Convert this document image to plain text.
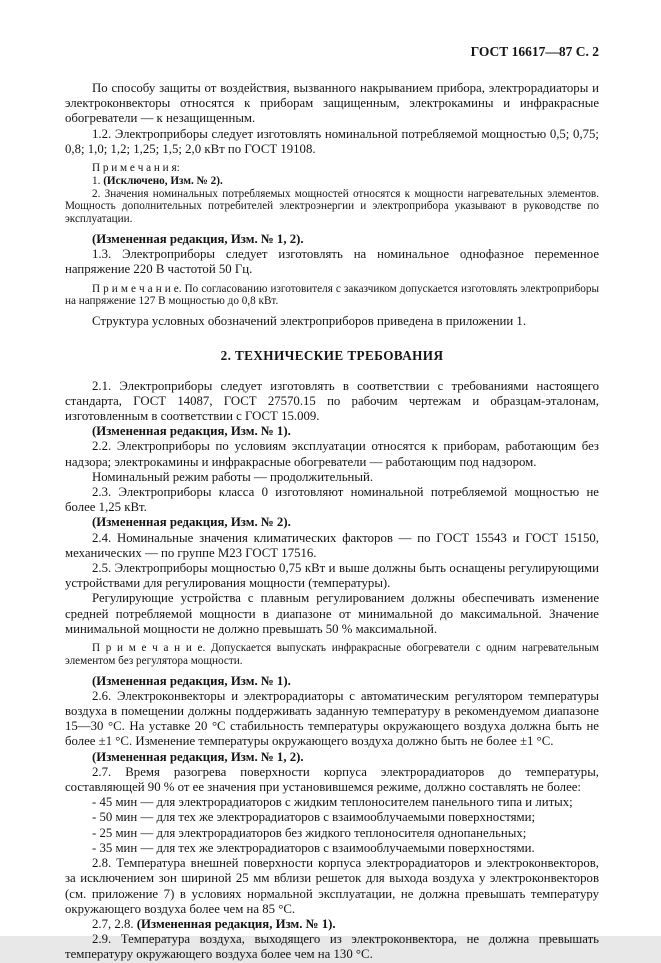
ГОСТ 16617—87 С. 2

По способу защиты от воздействия, вызванного накрыванием прибора, электрорадиаторы и электроконвекторы относятся к приборам защищенным, электрокамины и инфракрасные обогреватели — к незащищенным.

1.2. Электроприборы следует изготовлять номинальной потребляемой мощностью 0,5; 0,75; 0,8; 1,0; 1,2; 1,25; 1,5; 2,0 кВт по ГОСТ 19108.

П р и м е ч а н и я:

1. (Исключено, Изм. № 2).

2. Значения номинальных потребляемых мощностей относятся к мощности нагревательных элементов. Мощность дополнительных потребителей электроэнергии и электроприбора указывают в руководстве по эксплуатации.

(Измененная редакция, Изм. № 1, 2).

1.3. Электроприборы следует изготовлять на номинальное однофазное переменное напряжение 220 В частотой 50 Гц.

П р и м е ч а н и е. По согласованию изготовителя с заказчиком допускается изготовлять электроприборы на напряжение 127 В мощностью до 0,8 кВт.

Структура условных обозначений электроприборов приведена в приложении 1.

2. ТЕХНИЧЕСКИЕ ТРЕБОВАНИЯ

2.1. Электроприборы следует изготовлять в соответствии с требованиями настоящего стандарта, ГОСТ 14087, ГОСТ 27570.15 по рабочим чертежам и образцам-эталонам, изготовленным в соответствии с ГОСТ 15.009.

(Измененная редакция, Изм. № 1).

2.2. Электроприборы по условиям эксплуатации относятся к приборам, работающим без надзора; электрокамины и инфракрасные обогреватели — работающим под надзором.

Номинальный режим работы — продолжительный.

2.3. Электроприборы класса 0 изготовляют номинальной потребляемой мощностью не более 1,25 кВт.

(Измененная редакция, Изм. № 2).

2.4. Номинальные значения климатических факторов — по ГОСТ 15543 и ГОСТ 15150, механических — по группе М23 ГОСТ 17516.

2.5. Электроприборы мощностью 0,75 кВт и выше должны быть оснащены регулирующими устройствами для регулирования мощности (температуры).

Регулирующие устройства с плавным регулированием должны обеспечивать изменение средней потребляемой мощности в диапазоне от минимальной до максимальной. Значение минимальной мощности не должно превышать 50 % максимальной.

П р и м е ч а н и е. Допускается выпускать инфракрасные обогреватели с одним нагревательным элементом без регулятора мощности.

(Измененная редакция, Изм. № 1).

2.6. Электроконвекторы и электрорадиаторы с автоматическим регулятором температуры воздуха в помещении должны поддерживать заданную температуру в рекомендуемом диапазоне 15—30 °С. На уставке 20 °С стабильность температуры окружающего воздуха должна быть не более ±1 °С. Изменение температуры окружающего воздуха должно быть не более ±1 °С.

(Измененная редакция, Изм. № 1, 2).

2.7. Время разогрева поверхности корпуса электрорадиаторов до температуры, составляющей 90 % от ее значения при установившемся режиме, должно составлять не более:

- 45 мин — для электрорадиаторов с жидким теплоносителем панельного типа и литых;

- 50 мин — для тех же электрорадиаторов с взаимооблучаемыми поверхностями;

- 25 мин — для электрорадиаторов без жидкого теплоносителя однопанельных;

- 35 мин — для тех же электрорадиаторов с взаимооблучаемыми поверхностями.

2.8. Температура внешней поверхности корпуса электрорадиаторов и электроконвекторов, за исключением зон шириной 25 мм вблизи решеток для выхода воздуха у электроконвекторов (см. приложение 7) в условиях нормальной эксплуатации, не должна превышать температуру окружающего воздуха более чем на 85 °С.

2.7, 2.8. (Измененная редакция, Изм. № 1).

2.9. Температура воздуха, выходящего из электроконвектора, не должна превышать температуру окружающего воздуха более чем на 130 °С.
